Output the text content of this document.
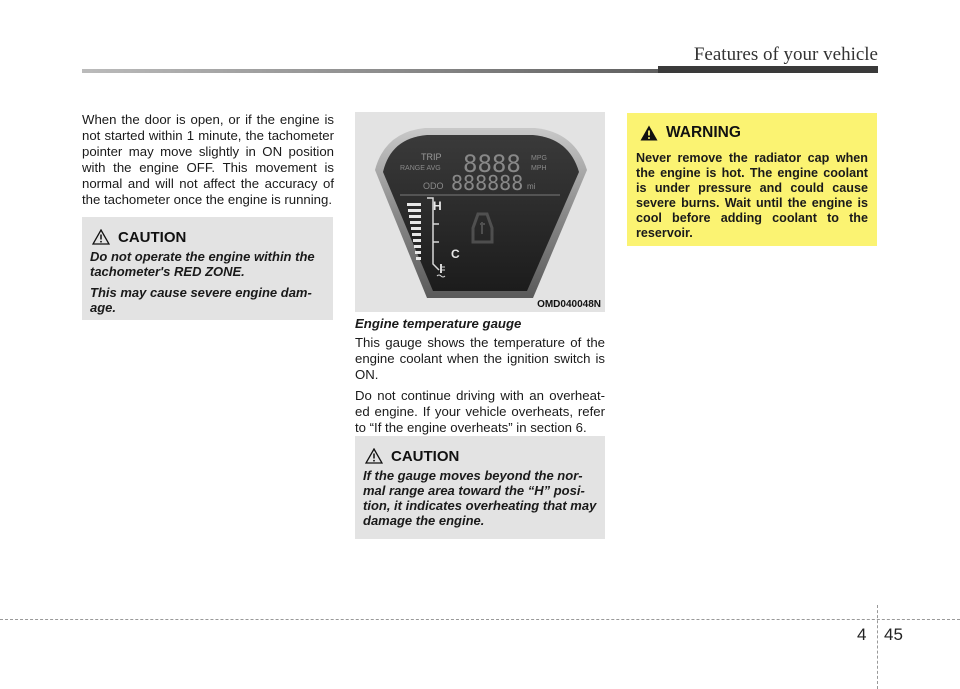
Features of your vehicle

When the door is open, or if the engine is not started within 1 minute, the tachometer pointer may move slightly in ON position with the engine OFF. This movement is normal and will not affect the accuracy of the tachometer once the engine is running.

CAUTION
Do not operate the engine within the tachometer's RED ZONE.
This may cause severe engine dam- age.
TRIP
RANGE AVG 8888 MPG
MPH
ODO 888888 mi
H
C
OMD040048N

Engine temperature gauge

This gauge shows the temperature of the engine coolant when the ignition switch is ON.

Do not continue driving with an overheat- ed engine. If your vehicle overheats, refer to “If the engine overheats” in section 6.

CAUTION
If the gauge moves beyond the nor- mal range area toward the “H” posi- tion, it indicates overheating that may damage the engine.
WARNING
Never remove the radiator cap when the engine is hot. The engine coolant is under pressure and could cause severe burns. Wait until the engine is cool before adding coolant to the reservoir.
4 45
